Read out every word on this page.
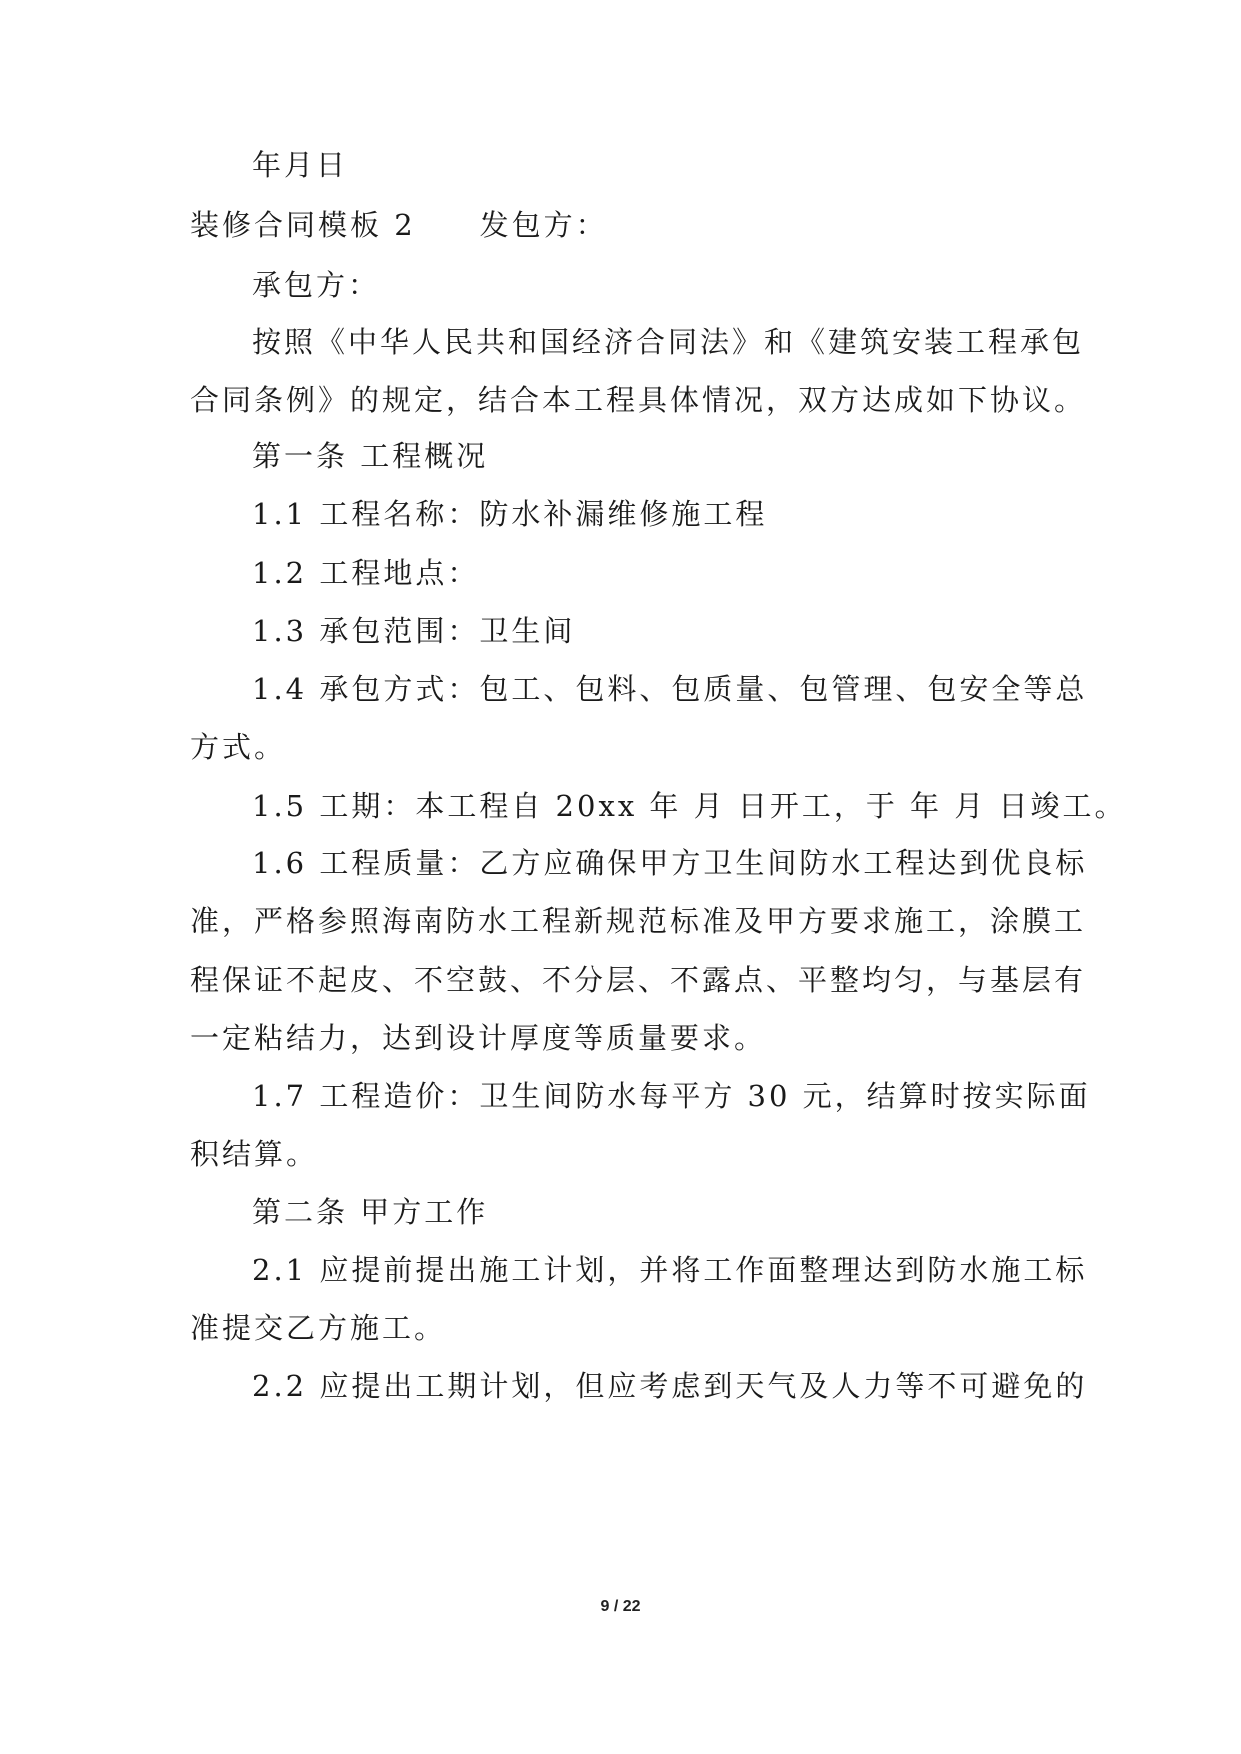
年月日
装修合同模板 2　　发包方：
承包方：
按照《中华人民共和国经济合同法》和《建筑安装工程承包
合同条例》的规定，结合本工程具体情况，双方达成如下协议。
第一条 工程概况
1.1 工程名称：防水补漏维修施工程
1.2 工程地点：
1.3 承包范围：卫生间
1.4 承包方式：包工、包料、包质量、包管理、包安全等总
方式。
1.5 工期：本工程自 20xx 年 月 日开工，于 年 月 日竣工。
1.6 工程质量：乙方应确保甲方卫生间防水工程达到优良标
准，严格参照海南防水工程新规范标准及甲方要求施工，涂膜工
程保证不起皮、不空鼓、不分层、不露点、平整均匀，与基层有
一定粘结力，达到设计厚度等质量要求。
1.7 工程造价：卫生间防水每平方 30 元，结算时按实际面
积结算。
第二条 甲方工作
2.1 应提前提出施工计划，并将工作面整理达到防水施工标
准提交乙方施工。
2.2 应提出工期计划，但应考虑到天气及人力等不可避免的
9 / 22
